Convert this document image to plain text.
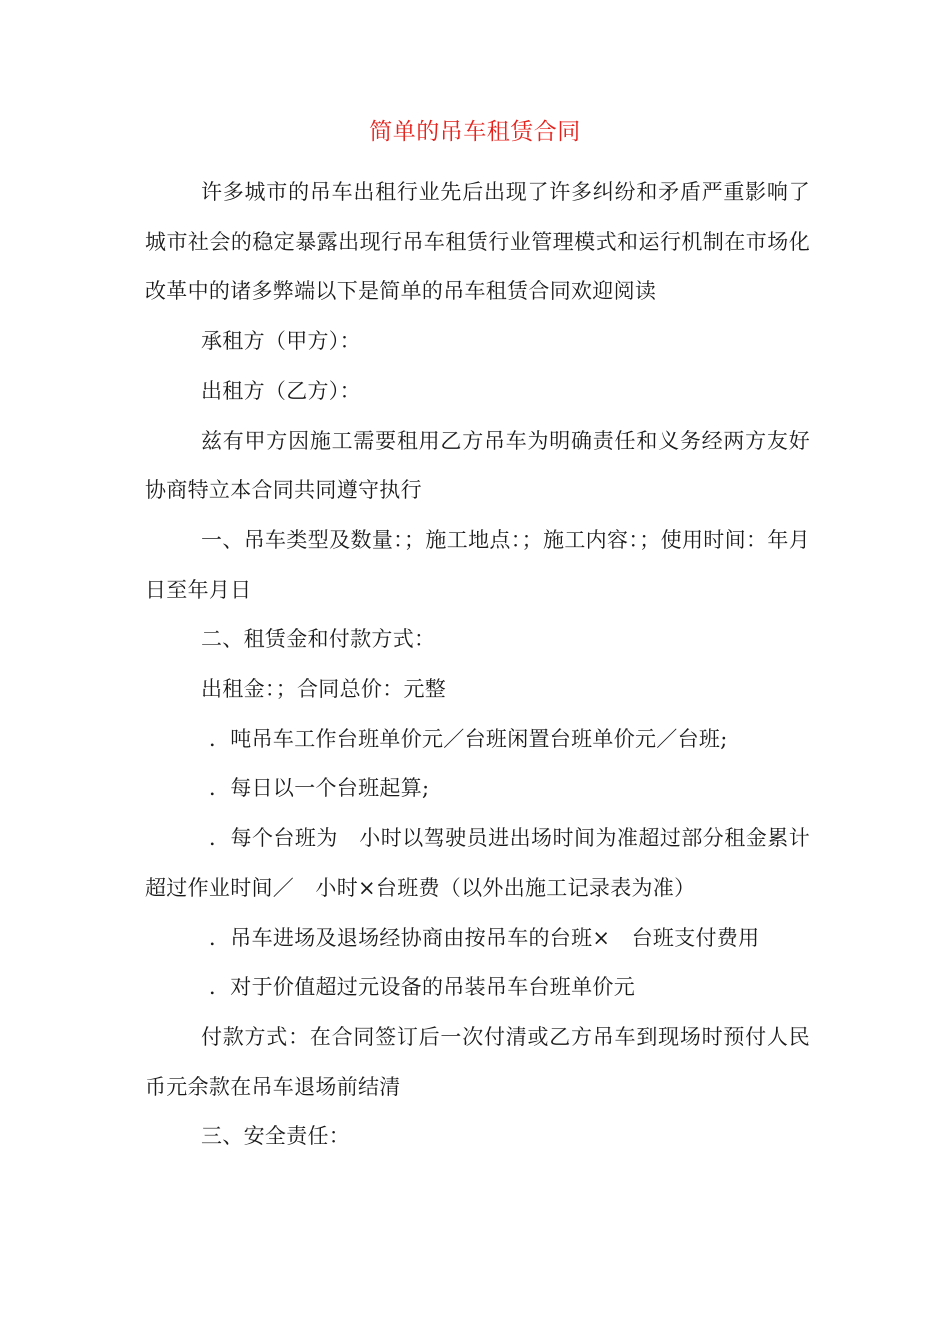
简单的吊车租赁合同

许多城市的吊车出租行业先后出现了许多纠纷和矛盾严重影响了城市社会的稳定暴露出现行吊车租赁行业管理模式和运行机制在市场化改革中的诸多弊端以下是简单的吊车租赁合同欢迎阅读

承租方（甲方）：

出租方（乙方）：

兹有甲方因施工需要租用乙方吊车为明确责任和义务经两方友好协商特立本合同共同遵守执行

一、吊车类型及数量：；施工地点：；施工内容：；使用时间：年月日至年月日

二、租赁金和付款方式：

出租金：；合同总价：元整

．吨吊车工作台班单价元／台班闲置台班单价元／台班;

．每日以一个台班起算;

．每个台班为　小时以驾驶员进出场时间为准超过部分租金累计超过作业时间／　小时×台班费（以外出施工记录表为准）

．吊车进场及退场经协商由按吊车的台班×　台班支付费用

．对于价值超过元设备的吊装吊车台班单价元

付款方式：在合同签订后一次付清或乙方吊车到现场时预付人民币元余款在吊车退场前结清

三、安全责任：
